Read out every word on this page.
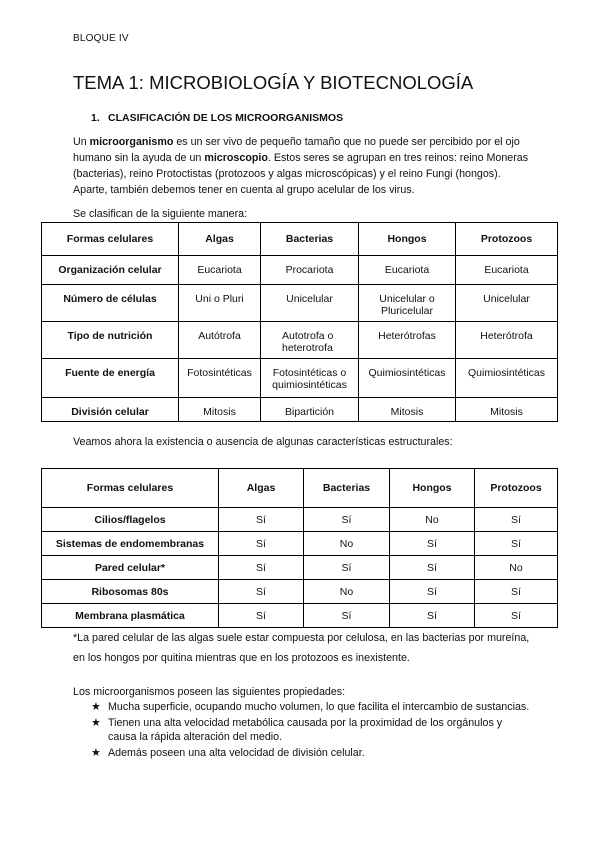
BLOQUE IV
TEMA 1: MICROBIOLOGÍA Y BIOTECNOLOGÍA
1. CLASIFICACIÓN DE LOS MICROORGANISMOS
Un microorganismo es un ser vivo de pequeño tamaño que no puede ser percibido por el ojo humano sin la ayuda de un microscopio. Estos seres se agrupan en tres reinos: reino Moneras (bacterias), reino Protoctistas (protozoos y algas microscópicas) y el reino Fungi (hongos). Aparte, también debemos tener en cuenta al grupo acelular de los virus.
Se clasifican de la siguiente manera:
Formas celulares	Algas	Bacterias	Hongos	Protozoos
Organización celular	Eucariota	Procariota	Eucariota	Eucariota
Número de células	Uni o Pluri	Unicelular	Unicelular o Pluricelular	Unicelular
Tipo de nutrición	Autótrofa	Autotrofa o heterotrofa	Heterótrofas	Heterótrofa
Fuente de energía	Fotosintéticas	Fotosintéticas o quimiosintéticas	Quimiosintéticas	Quimiosintéticas
División celular	Mitosis	Bipartición	Mitosis	Mitosis
Veamos ahora la existencia o ausencia de algunas características estructurales:
Formas celulares	Algas	Bacterias	Hongos	Protozoos
Cilios/flagelos	Sí	Sí	No	Sí
Sistemas de endomembranas	Sí	No	Sí	Sí
Pared celular*	Sí	Sí	Sí	No
Ribosomas 80s	Sí	No	Sí	Sí
Membrana plasmática	Sí	Sí	Sí	Sí
*La pared celular de las algas suele estar compuesta por celulosa, en las bacterias por mureína, en los hongos por quitina mientras que en los protozoos es inexistente.
Los microorganismos poseen las siguientes propiedades:
★ Mucha superficie, ocupando mucho volumen, lo que facilita el intercambio de sustancias.
★ Tienen una alta velocidad metabólica causada por la proximidad de los orgánulos y causa la rápida alteración del medio.
★ Además poseen una alta velocidad de división celular.
